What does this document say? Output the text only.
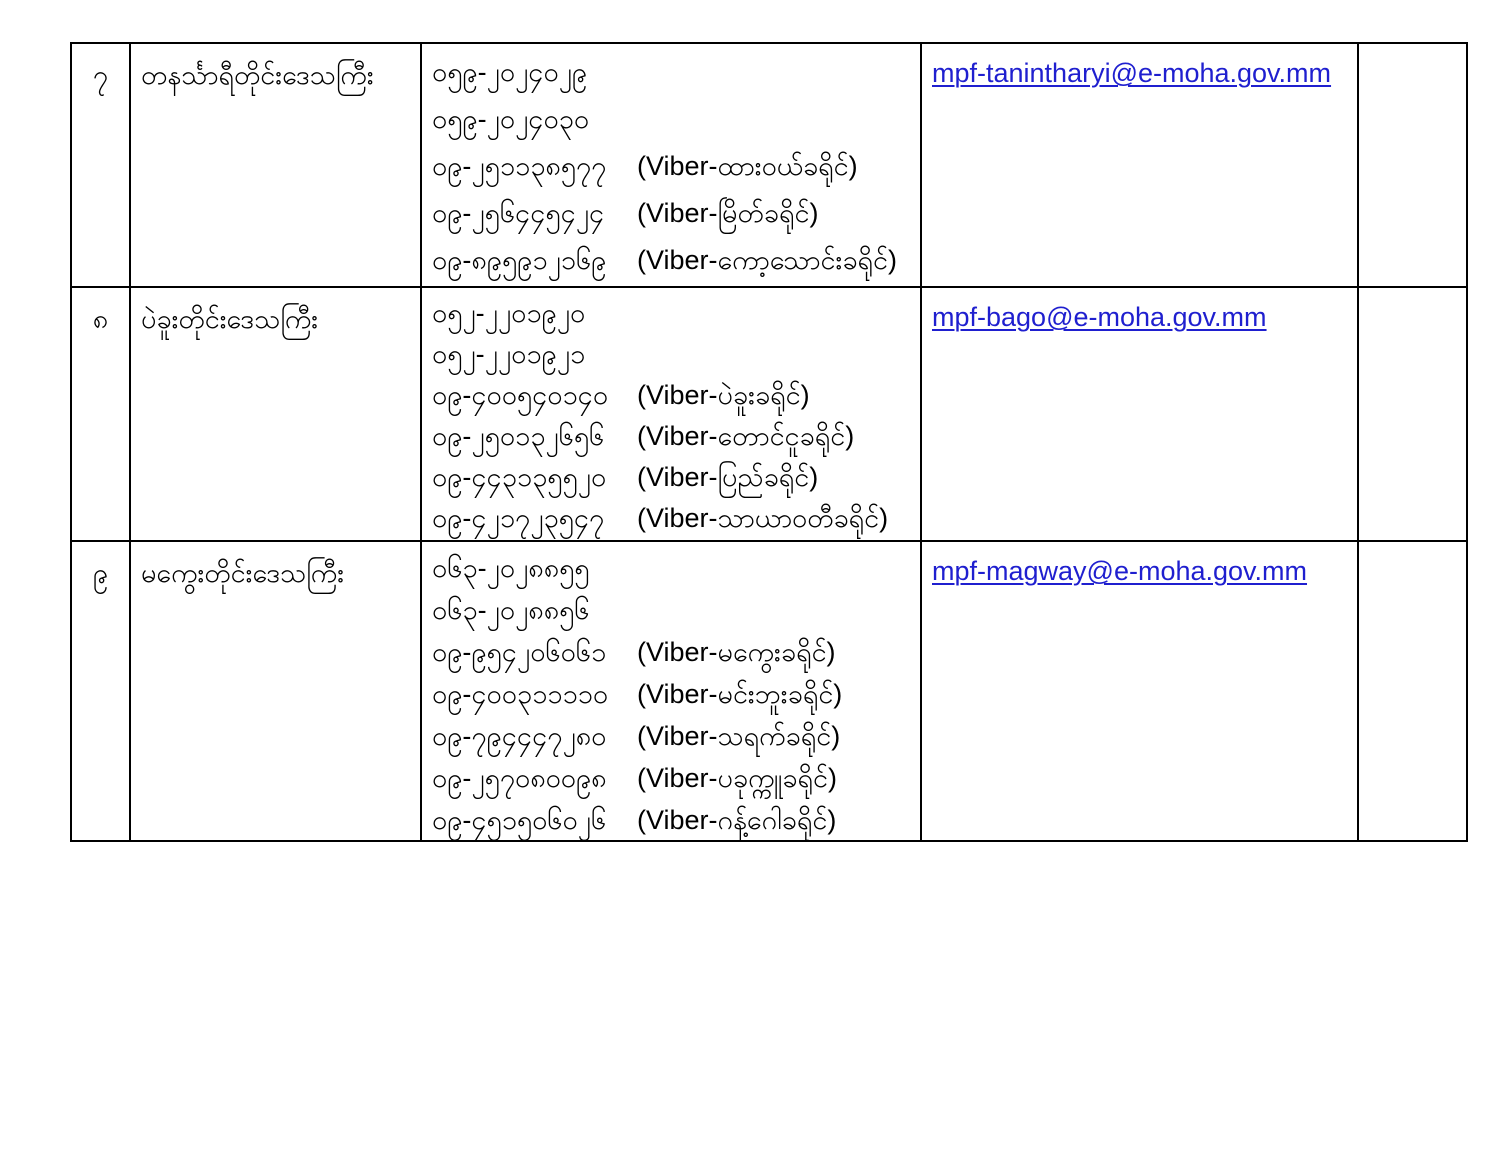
၇	တနင်္သာရီတိုင်းဒေသကြီး	၀၅၉-၂၀၂၄၀၂၉
၀၅၉-၂၀၂၄၀၃၀
၀၉-၂၅၁၁၃၈၅၇၇ (Viber-ထားဝယ်ခရိုင်)
၀၉-၂၅၆၄၄၅၄၂၄ (Viber-မြိတ်ခရိုင်)
၀၉-၈၉၅၉၁၂၁၆၉ (Viber-ကော့သောင်းခရိုင်)
mpf-tanintharyi@e-moha.gov.mm
၈	ပဲခူးတိုင်းဒေသကြီး	၀၅၂-၂၂၀၁၉၂၀
၀၅၂-၂၂၀၁၉၂၁
၀၉-၄၀၀၅၄၀၁၄၀ (Viber-ပဲခူးခရိုင်)
၀၉-၂၅၀၁၃၂၆၅၆ (Viber-တောင်ငူခရိုင်)
၀၉-၄၄၃၁၃၅၅၂၀ (Viber-ပြည်ခရိုင်)
၀၉-၄၂၁၇၂၃၅၄၇ (Viber-သာယာဝတီခရိုင်)
mpf-bago@e-moha.gov.mm
၉	မကွေးတိုင်းဒေသကြီး	၀၆၃-၂၀၂၈၈၅၅
၀၆၃-၂၀၂၈၈၅၆
၀၉-၉၅၄၂၀၆၀၆၁ (Viber-မကွေးခရိုင်)
၀၉-၄၀၀၃၁၁၁၁၀ (Viber-မင်းဘူးခရိုင်)
၀၉-၇၉၄၄၄၇၂၈၀ (Viber-သရက်ခရိုင်)
၀၉-၂၅၇၀၈၀၀၉၈ (Viber-ပခုက္ကူခရိုင်)
၀၉-၄၅၁၅၀၆၀၂၆ (Viber-ဂန့်ဂေါခရိုင်)
mpf-magway@e-moha.gov.mm
